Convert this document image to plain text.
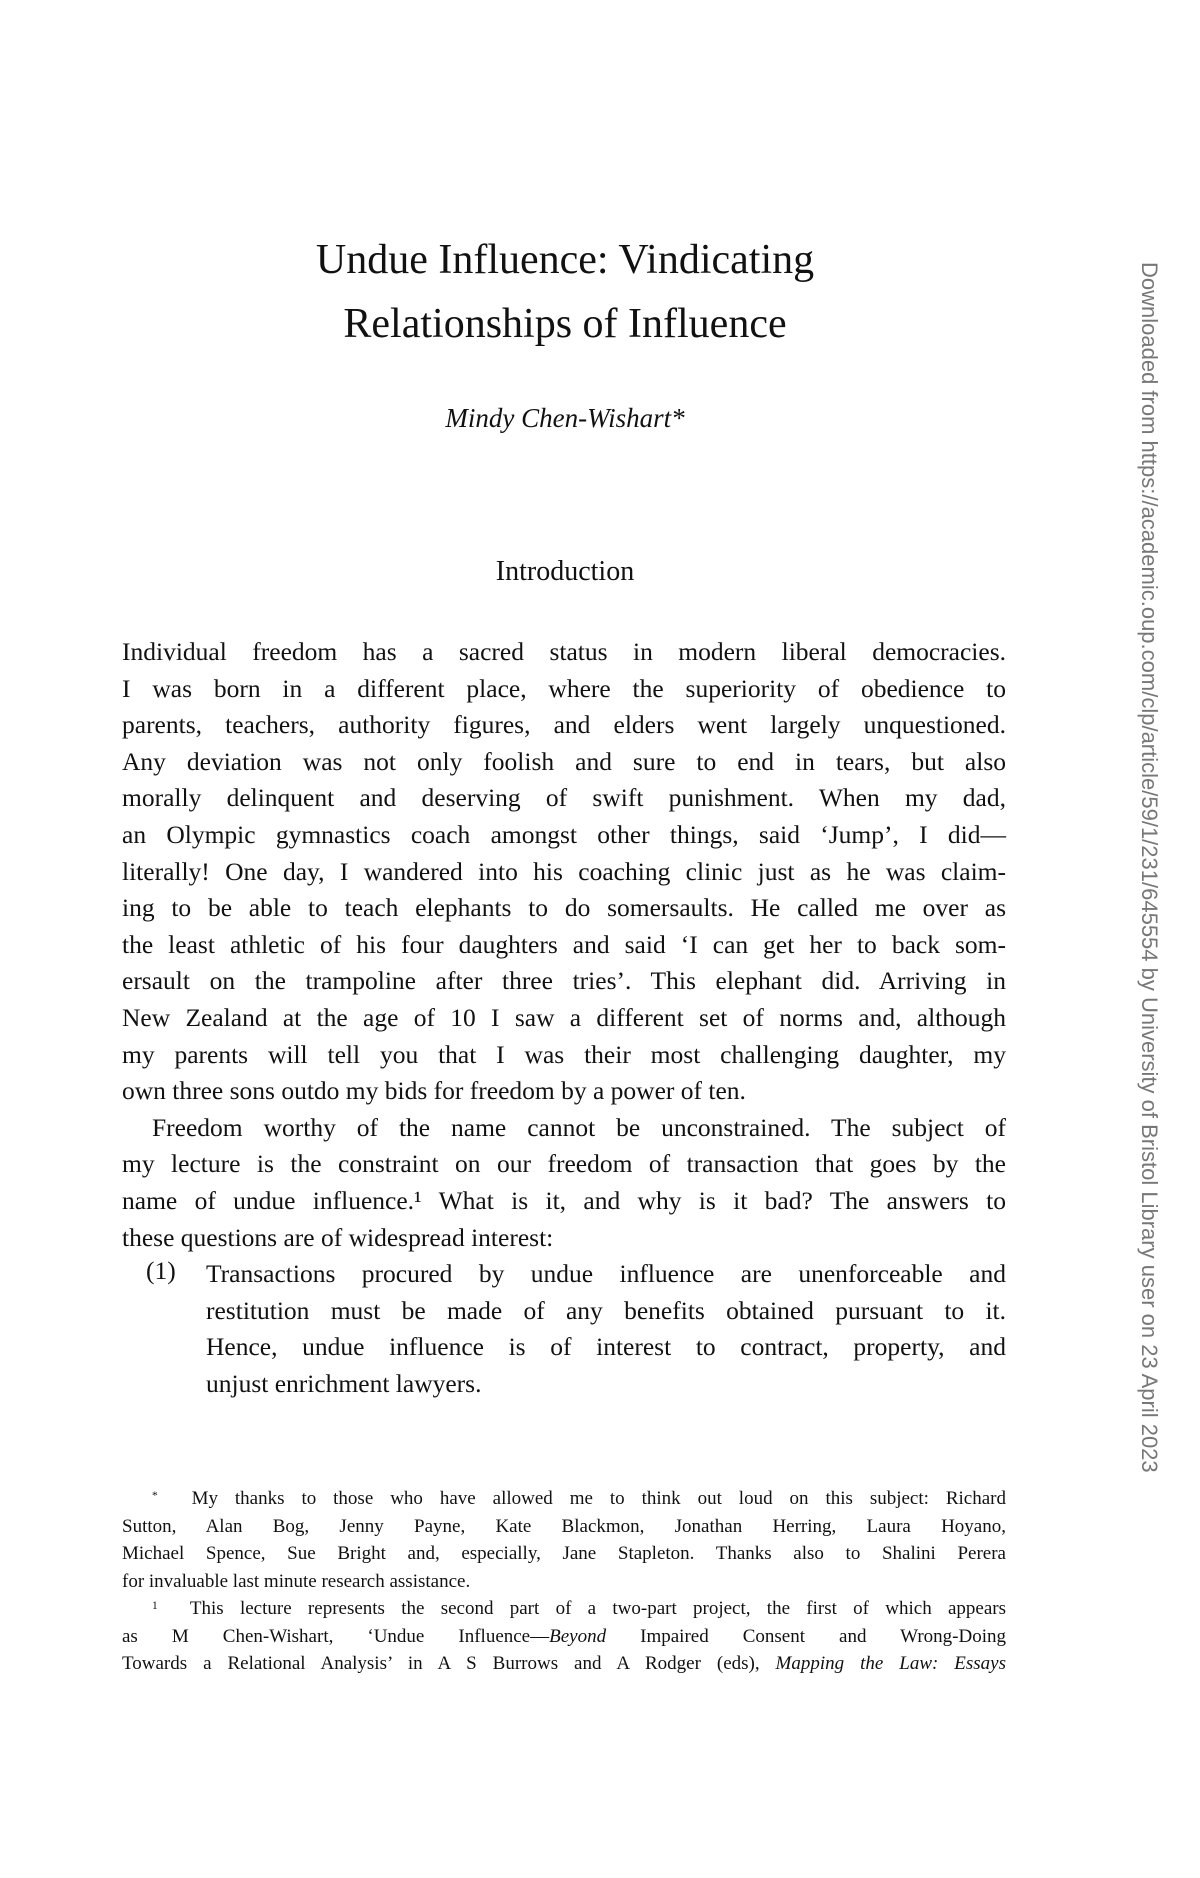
Undue Influence: Vindicating
Relationships of Influence
Mindy Chen-Wishart*
Introduction
Individual freedom has a sacred status in modern liberal democracies.
I was born in a different place, where the superiority of obedience to
parents, teachers, authority figures, and elders went largely unquestioned.
Any deviation was not only foolish and sure to end in tears, but also
morally delinquent and deserving of swift punishment. When my dad,
an Olympic gymnastics coach amongst other things, said ‘Jump’, I did—
literally! One day, I wandered into his coaching clinic just as he was claim-
ing to be able to teach elephants to do somersaults. He called me over as
the least athletic of his four daughters and said ‘I can get her to back som-
ersault on the trampoline after three tries’. This elephant did. Arriving in
New Zealand at the age of 10 I saw a different set of norms and, although
my parents will tell you that I was their most challenging daughter, my
own three sons outdo my bids for freedom by a power of ten.
Freedom worthy of the name cannot be unconstrained. The subject of
my lecture is the constraint on our freedom of transaction that goes by the
name of undue influence.¹ What is it, and why is it bad? The answers to
these questions are of widespread interest:
(1) Transactions procured by undue influence are unenforceable and
restitution must be made of any benefits obtained pursuant to it.
Hence, undue influence is of interest to contract, property, and
unjust enrichment lawyers.
* My thanks to those who have allowed me to think out loud on this subject: Richard
Sutton, Alan Bog, Jenny Payne, Kate Blackmon, Jonathan Herring, Laura Hoyano,
Michael Spence, Sue Bright and, especially, Jane Stapleton. Thanks also to Shalini Perera
for invaluable last minute research assistance.
$^1$ This lecture represents the second part of a two-part project, the first of which appears
as M Chen-Wishart, ‘Undue Influence—Beyond Impaired Consent and Wrong-Doing
Towards a Relational Analysis’ in A S Burrows and A Rodger (eds), Mapping the Law: Essays
Downloaded from https://academic.oup.com/clp/article/59/1/231/645554 by University of Bristol Library user on 23 April 2023
